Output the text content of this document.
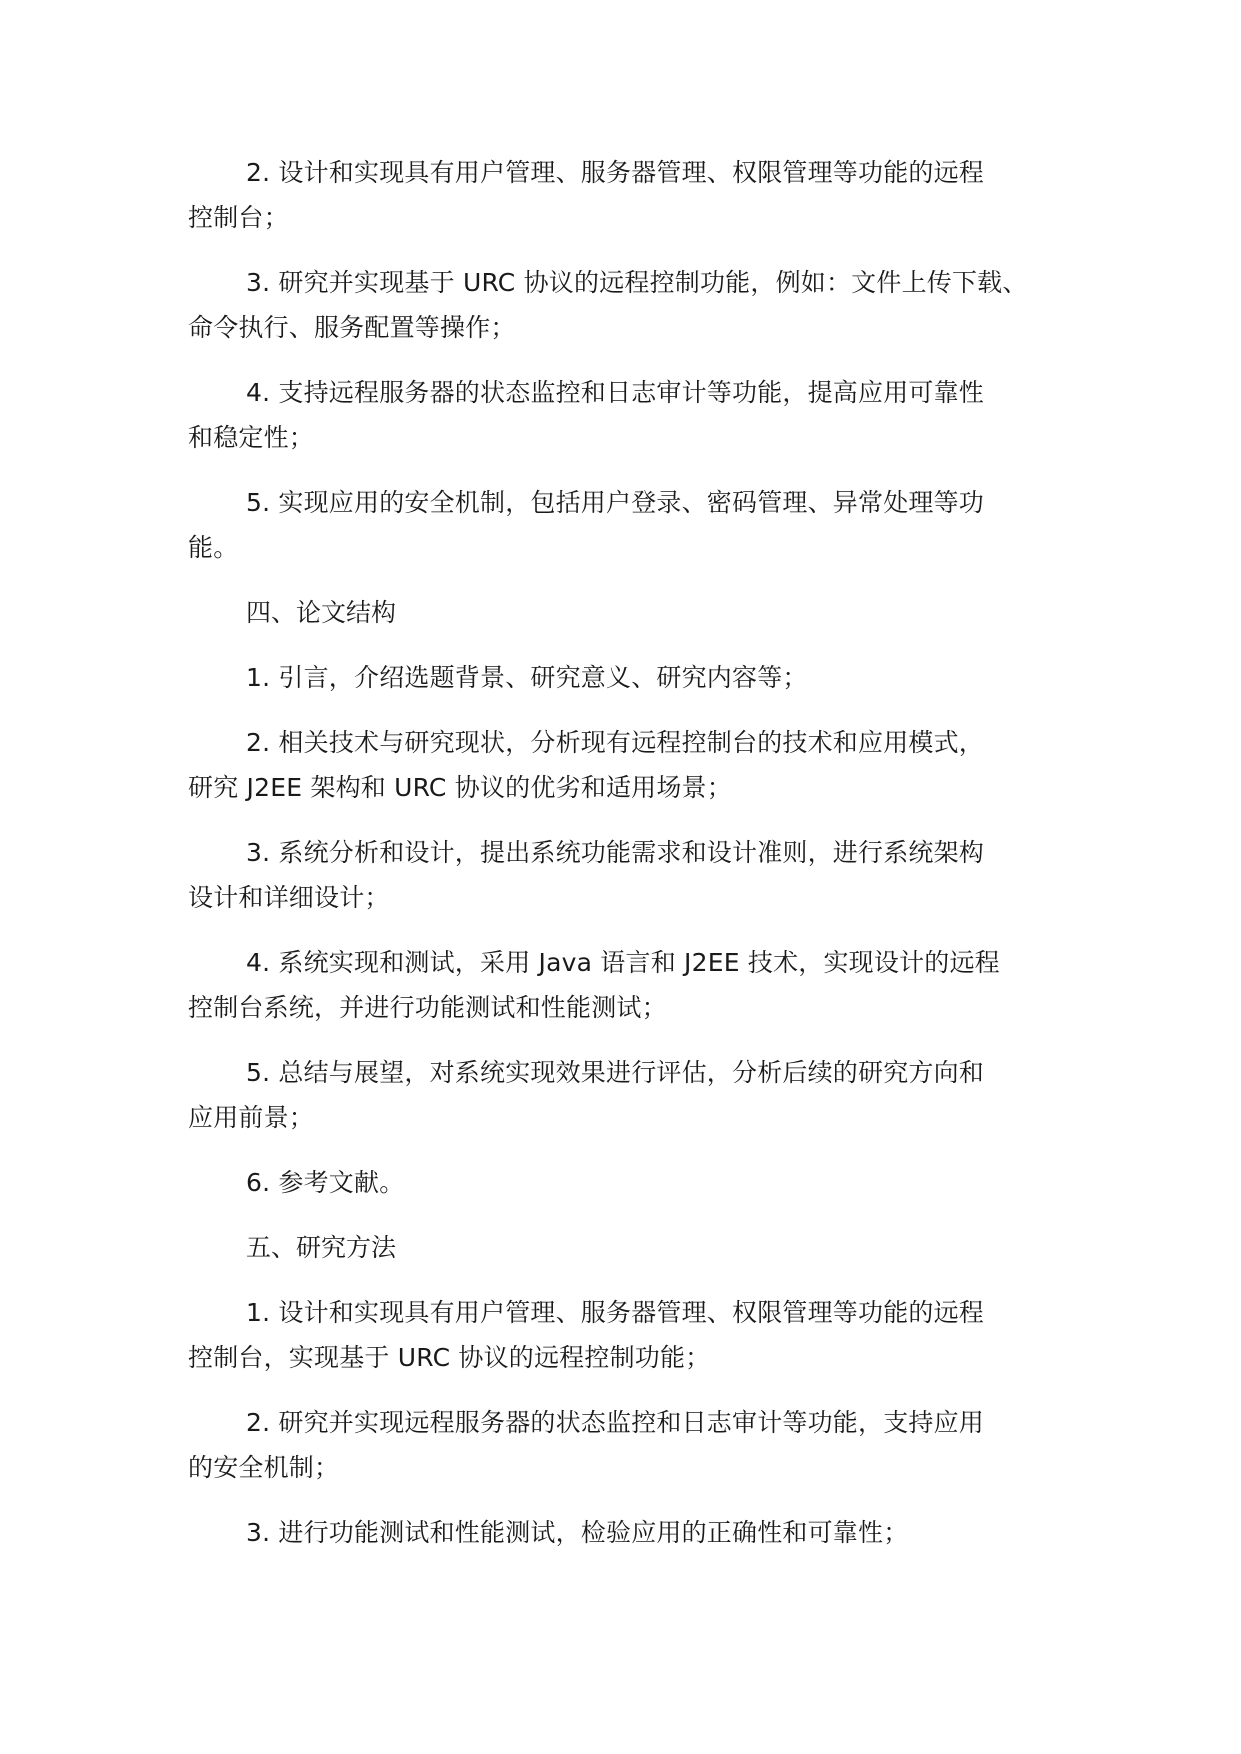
2. 设计和实现具有用户管理、服务器管理、权限管理等功能的远程
控制台；

3. 研究并实现基于 URC 协议的远程控制功能，例如：文件上传下载、
命令执行、服务配置等操作；

4. 支持远程服务器的状态监控和日志审计等功能，提高应用可靠性
和稳定性；

5. 实现应用的安全机制，包括用户登录、密码管理、异常处理等功
能。

四、论文结构

1. 引言，介绍选题背景、研究意义、研究内容等；

2. 相关技术与研究现状，分析现有远程控制台的技术和应用模式，
研究 J2EE 架构和 URC 协议的优劣和适用场景；

3. 系统分析和设计，提出系统功能需求和设计准则，进行系统架构
设计和详细设计；

4. 系统实现和测试，采用 Java 语言和 J2EE 技术，实现设计的远程
控制台系统，并进行功能测试和性能测试；

5. 总结与展望，对系统实现效果进行评估，分析后续的研究方向和
应用前景；

6. 参考文献。

五、研究方法

1. 设计和实现具有用户管理、服务器管理、权限管理等功能的远程
控制台，实现基于 URC 协议的远程控制功能；

2. 研究并实现远程服务器的状态监控和日志审计等功能，支持应用
的安全机制；

3. 进行功能测试和性能测试，检验应用的正确性和可靠性；
